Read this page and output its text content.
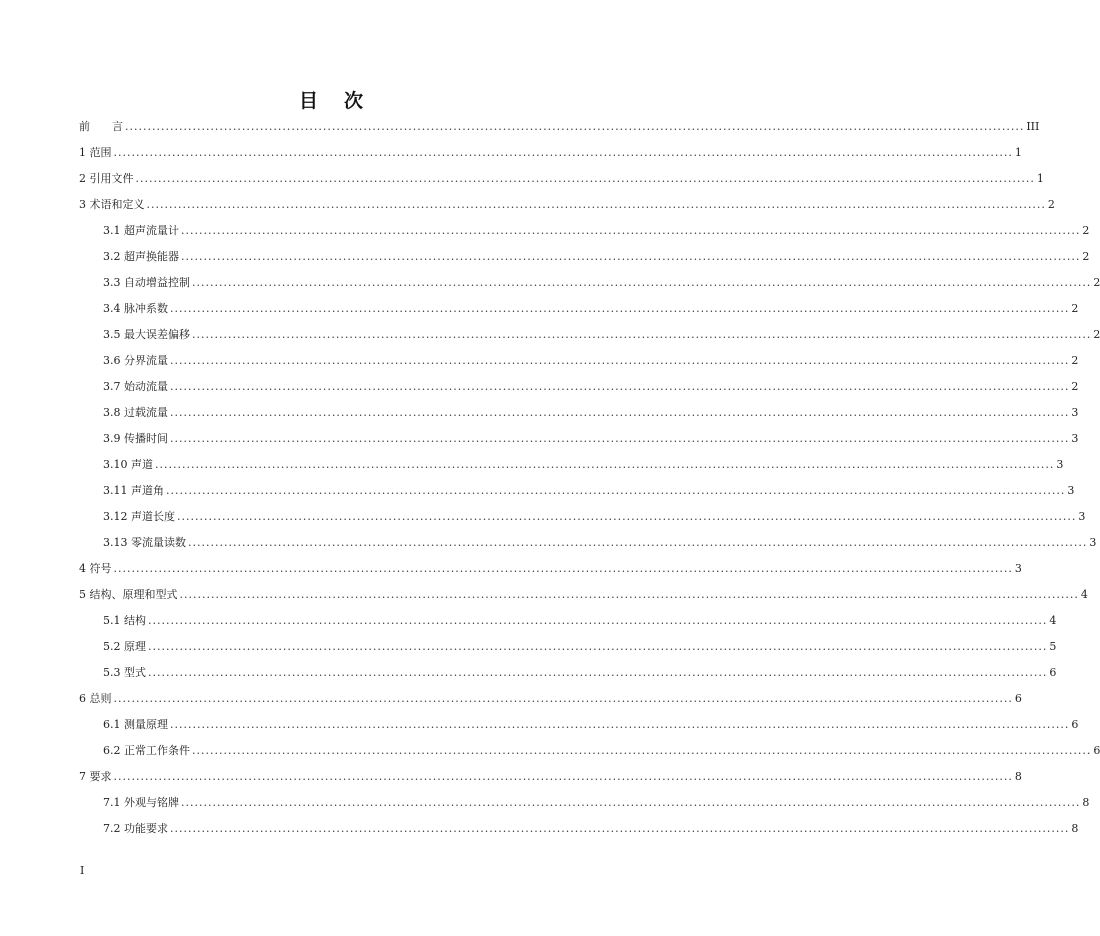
目 次
前　　言 ........................................................................................................................................................................................................ III
1 范围 ........................................................................................................................................................................................................ 1
2 引用文件 ........................................................................................................................................................................................................ 1
3 术语和定义 ........................................................................................................................................................................................................ 2
3.1 超声流量计 ........................................................................................................................................................................................................ 2
3.2 超声换能器 ........................................................................................................................................................................................................ 2
3.3 自动增益控制 ........................................................................................................................................................................................................ 2
3.4 脉冲系数 ........................................................................................................................................................................................................ 2
3.5 最大误差偏移 ........................................................................................................................................................................................................ 2
3.6 分界流量 ........................................................................................................................................................................................................ 2
3.7 始动流量 ........................................................................................................................................................................................................ 2
3.8 过载流量 ........................................................................................................................................................................................................ 3
3.9 传播时间 ........................................................................................................................................................................................................ 3
3.10 声道 ........................................................................................................................................................................................................ 3
3.11 声道角 ........................................................................................................................................................................................................ 3
3.12 声道长度 ........................................................................................................................................................................................................ 3
3.13 零流量读数 ........................................................................................................................................................................................................ 3
4 符号 ........................................................................................................................................................................................................ 3
5 结构、原理和型式 ........................................................................................................................................................................................................ 4
5.1 结构 ........................................................................................................................................................................................................ 4
5.2 原理 ........................................................................................................................................................................................................ 5
5.3 型式 ........................................................................................................................................................................................................ 6
6 总则 ........................................................................................................................................................................................................ 6
6.1 测量原理 ........................................................................................................................................................................................................ 6
6.2 正常工作条件 ........................................................................................................................................................................................................ 6
7 要求 ........................................................................................................................................................................................................ 8
7.1 外观与铭牌 ........................................................................................................................................................................................................ 8
7.2 功能要求 ........................................................................................................................................................................................................ 8
I
